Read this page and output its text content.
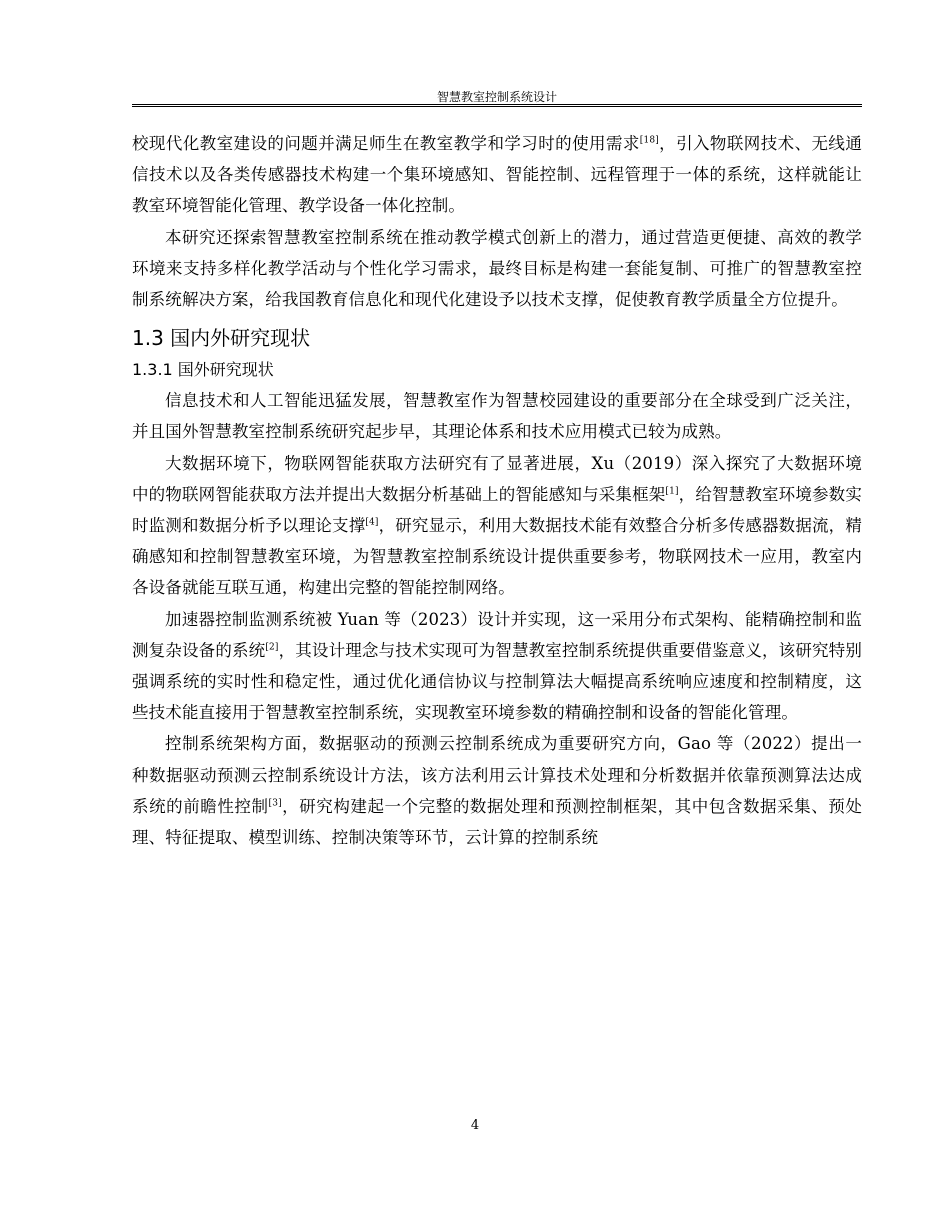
智慧教室控制系统设计

校现代化教室建设的问题并满足师生在教室教学和学习时的使用需求[18]，引入物联网技术、无线通信技术以及各类传感器技术构建一个集环境感知、智能控制、远程管理于一体的系统，这样就能让教室环境智能化管理、教学设备一体化控制。

本研究还探索智慧教室控制系统在推动教学模式创新上的潜力，通过营造更便捷、高效的教学环境来支持多样化教学活动与个性化学习需求，最终目标是构建一套能复制、可推广的智慧教室控制系统解决方案，给我国教育信息化和现代化建设予以技术支撑，促使教育教学质量全方位提升。

1.3 国内外研究现状
1.3.1 国外研究现状

信息技术和人工智能迅猛发展，智慧教室作为智慧校园建设的重要部分在全球受到广泛关注，并且国外智慧教室控制系统研究起步早，其理论体系和技术应用模式已较为成熟。

大数据环境下，物联网智能获取方法研究有了显著进展，Xu（2019）深入探究了大数据环境中的物联网智能获取方法并提出大数据分析基础上的智能感知与采集框架[1]，给智慧教室环境参数实时监测和数据分析予以理论支撑[4]，研究显示，利用大数据技术能有效整合分析多传感器数据流，精确感知和控制智慧教室环境，为智慧教室控制系统设计提供重要参考，物联网技术一应用，教室内各设备就能互联互通，构建出完整的智能控制网络。

加速器控制监测系统被 Yuan 等（2023）设计并实现，这一采用分布式架构、能精确控制和监测复杂设备的系统[2]，其设计理念与技术实现可为智慧教室控制系统提供重要借鉴意义，该研究特别强调系统的实时性和稳定性，通过优化通信协议与控制算法大幅提高系统响应速度和控制精度，这些技术能直接用于智慧教室控制系统，实现教室环境参数的精确控制和设备的智能化管理。

控制系统架构方面，数据驱动的预测云控制系统成为重要研究方向，Gao 等（2022）提出一种数据驱动预测云控制系统设计方法，该方法利用云计算技术处理和分析数据并依靠预测算法达成系统的前瞻性控制[3]，研究构建起一个完整的数据处理和预测控制框架，其中包含数据采集、预处理、特征提取、模型训练、控制决策等环节，云计算的控制系统

4
